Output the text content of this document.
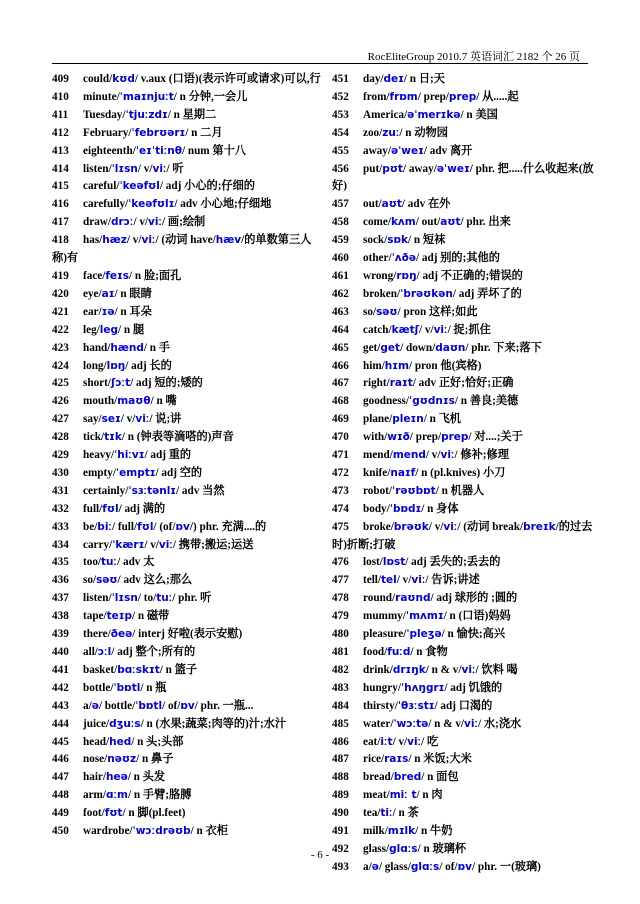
RocEliteGroup 2010.7 英语词汇 2182 个 26 页
409 could/kʊd/ v.aux (口语)(表示许可或请求)可以,行
410 minute/ˈmaɪnjuːt/ n 分钟,一会儿
411 Tuesday/ˈtjuːzdɪ/ n 星期二
412 February/ˈfebrʊərɪ/ n 二月
413 eighteenth/ˈeɪˈtiːnθ/ num 第十八
414 listen/ˈlɪsn/ v/viː/ 听
415 careful/ˈkeəfʊl/ adj 小心的;仔细的
416 carefully/ˈkeəfʊlɪ/ adv 小心地;仔细地
417 draw/drɔː/ v/viː/ 画;绘制
418 has/hæz/ v/viː/ (动词 have/hæv/的单数第三人称)有
419 face/feɪs/ n 脸;面孔
420 eye/aɪ/ n 眼睛
421 ear/ɪə/ n 耳朵
422 leg/leg/ n 腿
423 hand/hænd/ n 手
424 long/lɒŋ/ adj 长的
425 short/ʃɔːt/ adj 短的;矮的
426 mouth/maʊθ/ n 嘴
427 say/seɪ/ v/viː/ 说;讲
428 tick/tɪk/ n (钟表等滴嗒的)声音
429 heavy/ˈhiːvɪ/ adj 重的
430 empty/ˈemptɪ/ adj 空的
431 certainly/ˈsɜːtənlɪ/ adv 当然
432 full/fʊl/ adj 满的
433 be/biː/ full/fʊl/ (of/ɒv/) phr. 充满....的
434 carry/ˈkærɪ/ v/viː/ 携带;搬运;运送
435 too/tuː/ adv 太
436 so/səʊ/ adv 这么;那么
437 listen/ˈlɪsn/ to/tuː/ phr. 听
438 tape/teɪp/ n 磁带
439 there/ðeə/ interj 好啦(表示安慰)
440 all/ɔːl/ adj 整个;所有的
441 basket/bɑːskɪt/ n 篮子
442 bottle/ˈbɒtl/ n 瓶
443 a/ə/ bottle/ˈbɒtl/ of/ɒv/ phr. 一瓶...
444 juice/dʒuːs/ n (水果;蔬菜;肉等的)汁;水汁
445 head/hed/ n 头;头部
446 nose/nəʊz/ n 鼻子
447 hair/heə/ n 头发
448 arm/ɑːm/ n 手臂;胳膊
449 foot/fʊt/ n 脚(pl.feet)
450 wardrobe/ˈwɔːdrəʊb/ n 衣柜
451 day/deɪ/ n 日;天
452 from/frɒm/ prep/prep/ 从.....起
453 America/əˈmerɪkə/ n 美国
454 zoo/zuː/ n 动物园
455 away/əˈweɪ/ adv 离开
456 put/pʊt/ away/əˈweɪ/ phr. 把.....什么收起来(放好)
457 out/aʊt/ adv 在外
458 come/kʌm/ out/aʊt/ phr. 出来
459 sock/sɒk/ n 短袜
460 other/ˈʌðə/ adj 别的;其他的
461 wrong/rɒŋ/ adj 不正确的;错误的
462 broken/ˈbrəʊkən/ adj 弄坏了的
463 so/səʊ/ pron 这样;如此
464 catch/kætʃ/ v/viː/ 捉;抓住
465 get/get/ down/daʊn/ phr. 下来;落下
466 him/hɪm/ pron 他(宾格)
467 right/raɪt/ adv 正好;恰好;正确
468 goodness/ˈgʊdnɪs/ n 善良;美德
469 plane/pleɪn/ n 飞机
470 with/wɪð/ prep/prep/ 对....;关于
471 mend/mend/ v/viː/ 修补;修理
472 knife/naɪf/ n (pl.knives) 小刀
473 robot/ˈrəʊbɒt/ n 机器人
474 body/ˈbɒdɪ/ n 身体
475 broke/brəʊk/ v/viː/ (动词 break/breɪk/的过去时)折断;打破
476 lost/lɒst/ adj 丢失的;丢去的
477 tell/tel/ v/viː/ 告诉;讲述
478 round/raʊnd/ adj 球形的 ;圆的
479 mummy/ˈmʌmɪ/ n (口语)妈妈
480 pleasure/ˈpleʒə/ n 愉快;高兴
481 food/fuːd/ n 食物
482 drink/drɪŋk/ n & v/viː/ 饮料 喝
483 hungry/ˈhʌŋgrɪ/ adj 饥饿的
484 thirsty/ˈθɜːstɪ/ adj 口渴的
485 water/ˈwɔːtə/ n & v/viː/ 水;浇水
486 eat/iːt/ v/viː/ 吃
487 rice/raɪs/ n 米饭;大米
488 bread/bred/ n 面包
489 meat/miː t/ n 肉
490 tea/tiː/ n 茶
491 milk/mɪlk/ n 牛奶
492 glass/glɑːs/ n 玻璃杯
493 a/ə/ glass/glɑːs/ of/ɒv/ phr. 一(玻璃)
- 6 -
